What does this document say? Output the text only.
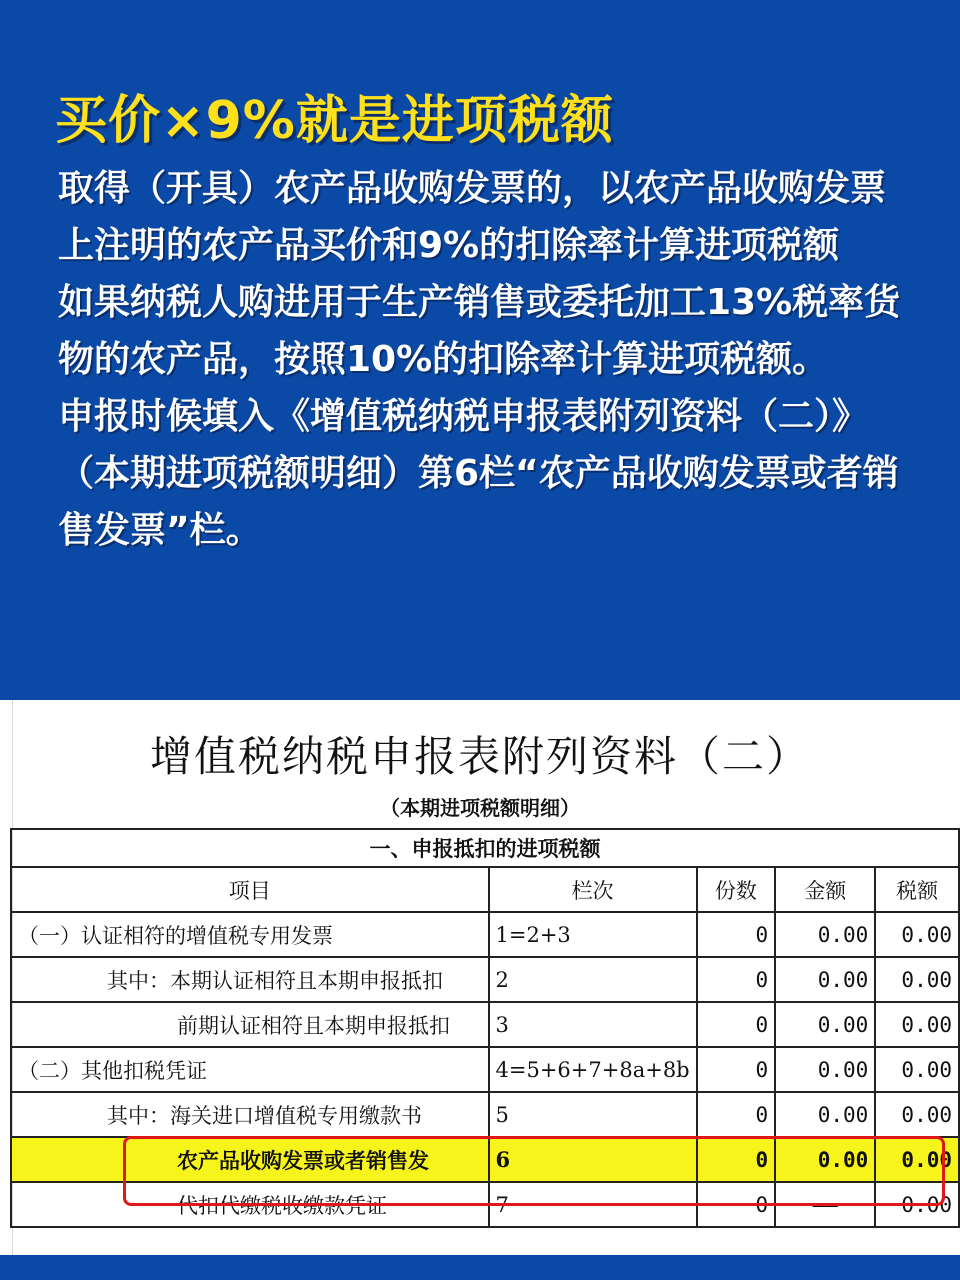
买价×9%就是进项税额

取得（开具）农产品收购发票的，以农产品收购发票上注明的农产品买价和9%的扣除率计算进项税额

如果纳税人购进用于生产销售或委托加工13%税率货物的农产品，按照10%的扣除率计算进项税额。

申报时候填入《增值税纳税申报表附列资料（二）》（本期进项税额明细）第6栏“农产品收购发票或者销售发票”栏。

增值税纳税申报表附列资料（二）
（本期进项税额明细）
一、申报抵扣的进项税额				
项目	栏次	份数	金额	税额
（一）认证相符的增值税专用发票	1=2+3	0	0.00	0.00
其中：本期认证相符且本期申报抵扣	2	0	0.00	0.00
前期认证相符且本期申报抵扣	3	0	0.00	0.00
（二）其他扣税凭证	4=5+6+7+8a+8b	0	0.00	0.00
其中：海关进口增值税专用缴款书	5	0	0.00	0.00
农产品收购发票或者销售发	6	0	0.00	0.00
代扣代缴税收缴款凭证	7	0	——	0.00
